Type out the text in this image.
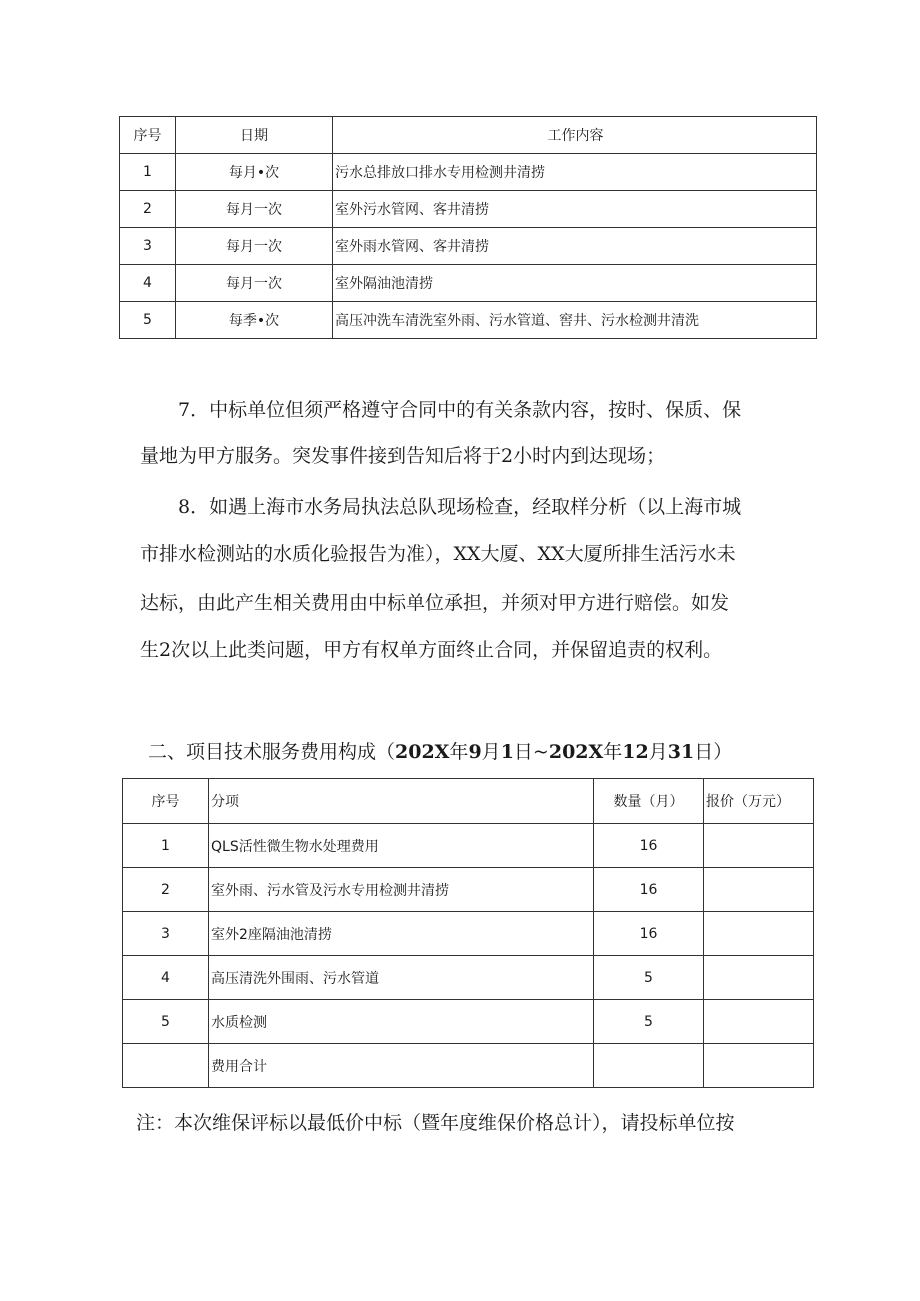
序号	日期	工作内容
1	每月•次	污水总排放口排水专用检测井清捞
2	每月一次	室外污水管网、客井清捞
3	每月一次	室外雨水管网、客井清捞
4	每月一次	室外隔油池清捞
5	每季•次	高压冲洗车清洗室外雨、污水管道、窖井、污水检测井清洗
7．中标单位但须严格遵守合同中的有关条款内容，按时、保质、保
量地为甲方服务。突发事件接到告知后将于2小时内到达现场；
8．如遇上海市水务局执法总队现场检查，经取样分析（以上海市城
市排水检测站的水质化验报告为准），XX大厦、XX大厦所排生活污水未
达标，由此产生相关费用由中标单位承担，并须对甲方进行赔偿。如发
生2次以上此类问题，甲方有权单方面终止合同，并保留追责的权利。
二、项目技术服务费用构成（202X年9月1日~202X年12月31日）
序号	分项	数量（月）	报价（万元）
1	QLS活性微生物水处理费用	16	
2	室外雨、污水管及污水专用检测井清捞	16	
3	室外2座隔油池清捞	16	
4	高压清洗外围雨、污水管道	5	
5	水质检测	5	
	费用合计		
注：本次维保评标以最低价中标（暨年度维保价格总计），请投标单位按
